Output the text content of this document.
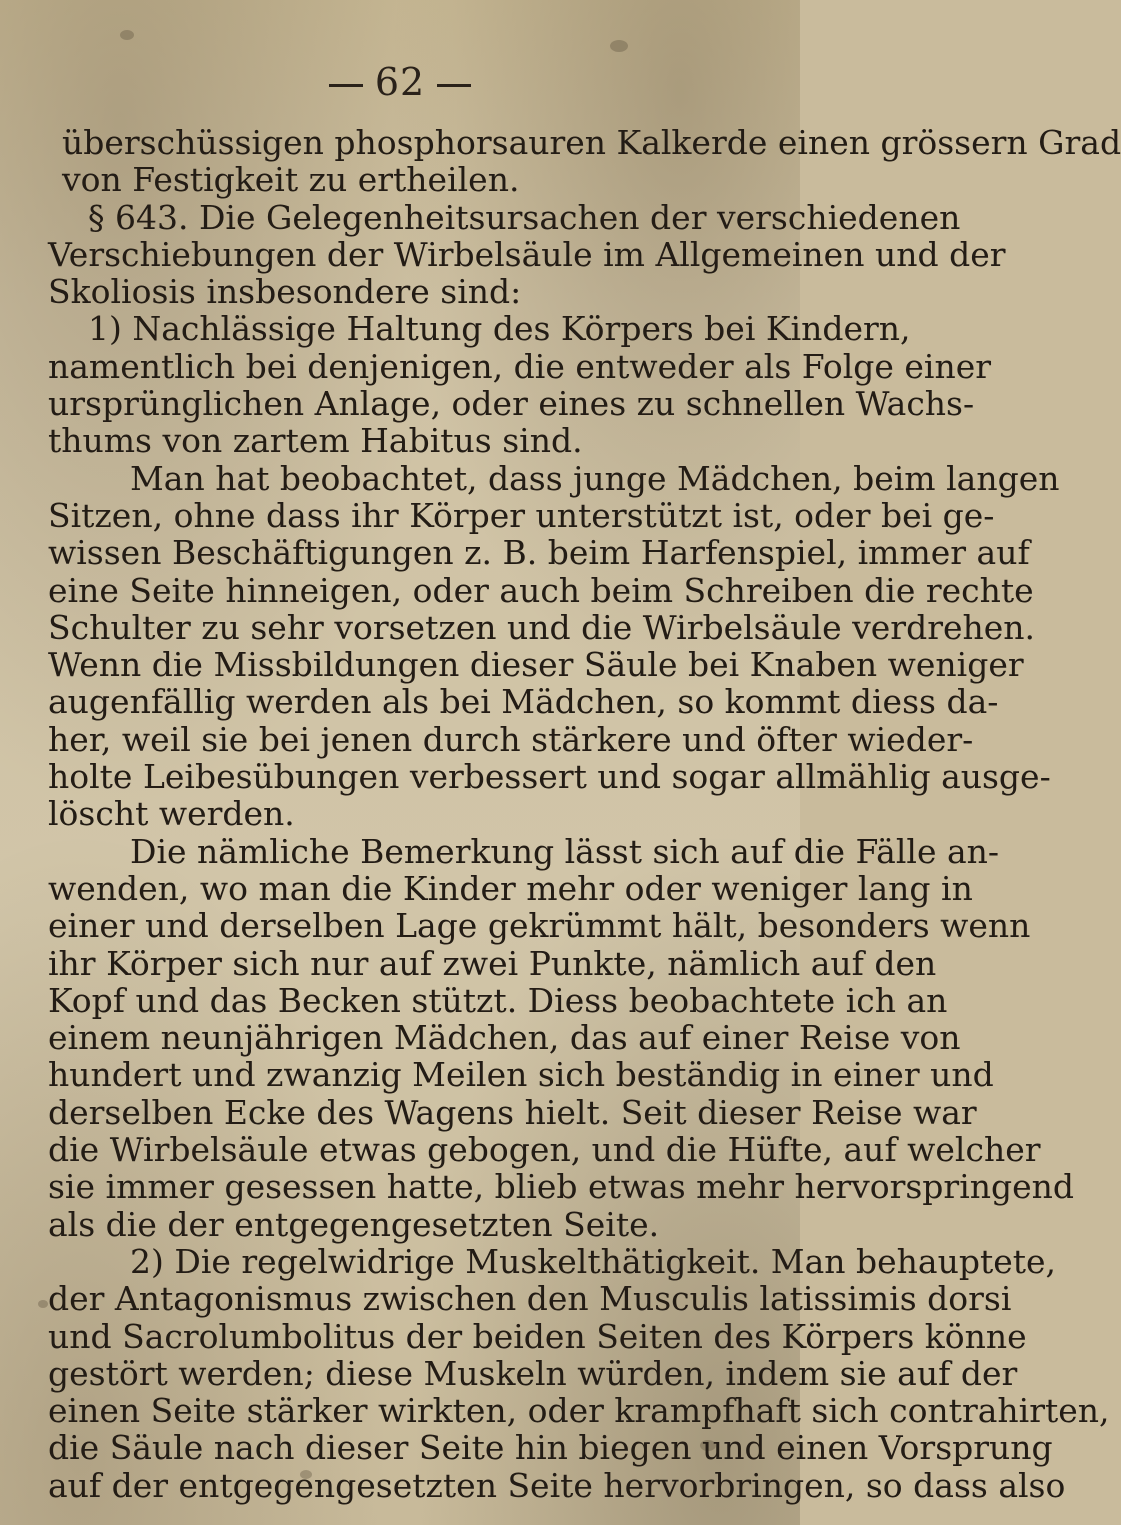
62
überschüssigen phosphorsauren Kalkerde einen grössern Grad
von Festigkeit zu ertheilen.
§ 643. Die Gelegenheitsursachen der verschiedenen
Verschiebungen der Wirbelsäule im Allgemeinen und der
Skoliosis insbesondere sind:
1) Nachlässige Haltung des Körpers bei Kindern,
namentlich bei denjenigen, die entweder als Folge einer
ursprünglichen Anlage, oder eines zu schnellen Wachs-
thums von zartem Habitus sind.
Man hat beobachtet, dass junge Mädchen, beim langen
Sitzen, ohne dass ihr Körper unterstützt ist, oder bei ge-
wissen Beschäftigungen z. B. beim Harfenspiel, immer auf
eine Seite hinneigen, oder auch beim Schreiben die rechte
Schulter zu sehr vorsetzen und die Wirbelsäule verdrehen.
Wenn die Missbildungen dieser Säule bei Knaben weniger
augenfällig werden als bei Mädchen, so kommt diess da-
her, weil sie bei jenen durch stärkere und öfter wieder-
holte Leibesübungen verbessert und sogar allmählig ausge-
löscht werden.
Die nämliche Bemerkung lässt sich auf die Fälle an-
wenden, wo man die Kinder mehr oder weniger lang in
einer und derselben Lage gekrümmt hält, besonders wenn
ihr Körper sich nur auf zwei Punkte, nämlich auf den
Kopf und das Becken stützt. Diess beobachtete ich an
einem neunjährigen Mädchen, das auf einer Reise von
hundert und zwanzig Meilen sich beständig in einer und
derselben Ecke des Wagens hielt. Seit dieser Reise war
die Wirbelsäule etwas gebogen, und die Hüfte, auf welcher
sie immer gesessen hatte, blieb etwas mehr hervorspringend
als die der entgegengesetzten Seite.
2) Die regelwidrige Muskelthätigkeit. Man behauptete,
der Antagonismus zwischen den Musculis latissimis dorsi
und Sacrolumbolitus der beiden Seiten des Körpers könne
gestört werden; diese Muskeln würden, indem sie auf der
einen Seite stärker wirkten, oder krampfhaft sich contrahirten,
die Säule nach dieser Seite hin biegen und einen Vorsprung
auf der entgegengesetzten Seite hervorbringen, so dass also
